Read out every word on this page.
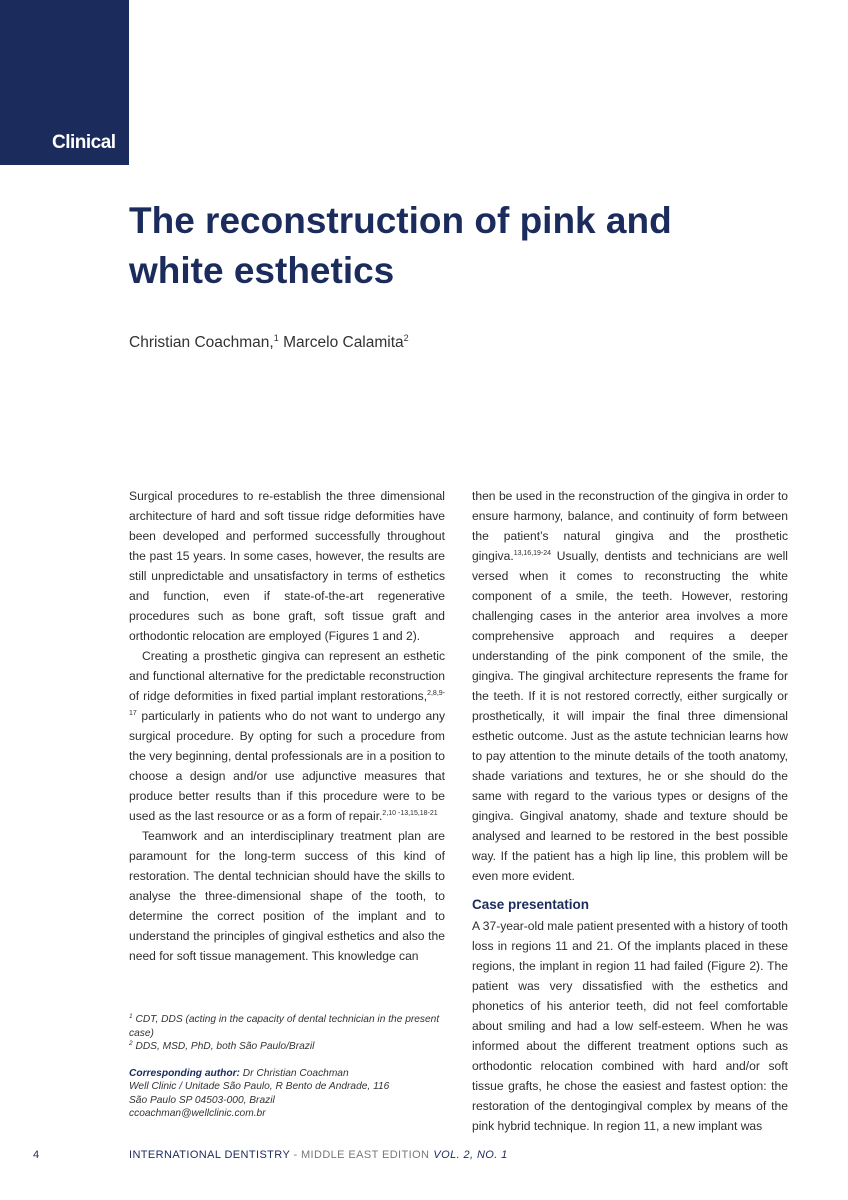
Clinical
The reconstruction of pink and white esthetics
Christian Coachman,$^1$ Marcelo Calamita$^2$

Surgical procedures to re-establish the three dimensional architecture of hard and soft tissue ridge deformities have been developed and performed successfully throughout the past 15 years. In some cases, however, the results are still unpredictable and unsatisfactory in terms of esthetics and function, even if state-of-the-art regenerative procedures such as bone graft, soft tissue graft and orthodontic relocation are employed (Figures 1 and 2).

Creating a prosthetic gingiva can represent an esthetic and functional alternative for the predictable reconstruction of ridge deformities in fixed partial implant restorations,$^{2,8,9-17}$ particularly in patients who do not want to undergo any surgical procedure. By opting for such a procedure from the very beginning, dental professionals are in a position to choose a design and/or use adjunctive measures that produce better results than if this procedure were to be used as the last resource or as a form of repair.$^{2,10 -13,15,18-21}$

Teamwork and an interdisciplinary treatment plan are paramount for the long-term success of this kind of restoration. The dental technician should have the skills to analyse the three-dimensional shape of the tooth, to determine the correct position of the implant and to understand the principles of gingival esthetics and also the need for soft tissue management. This knowledge can

then be used in the reconstruction of the gingiva in order to ensure harmony, balance, and continuity of form between the patient’s natural gingiva and the prosthetic gingiva.$^{13,16,19-24}$ Usually, dentists and technicians are well versed when it comes to reconstructing the white component of a smile, the teeth. However, restoring challenging cases in the anterior area involves a more comprehensive approach and requires a deeper understanding of the pink component of the smile, the gingiva. The gingival architecture represents the frame for the teeth. If it is not restored correctly, either surgically or prosthetically, it will impair the final three dimensional esthetic outcome. Just as the astute technician learns how to pay attention to the minute details of the tooth anatomy, shade variations and textures, he or she should do the same with regard to the various types or designs of the gingiva. Gingival anatomy, shade and texture should be analysed and learned to be restored in the best possible way. If the patient has a high lip line, this problem will be even more evident.

Case presentation

A 37-year-old male patient presented with a history of tooth loss in regions 11 and 21. Of the implants placed in these regions, the implant in region 11 had failed (Figure 2). The patient was very dissatisfied with the esthetics and phonetics of his anterior teeth, did not feel comfortable about smiling and had a low self-esteem. When he was informed about the different treatment options such as orthodontic relocation combined with hard and/or soft tissue grafts, he chose the easiest and fastest option: the restoration of the dentogingival complex by means of the pink hybrid technique. In region 11, a new implant was

$^1$ CDT, DDS (acting in the capacity of dental technician in the present case)

$^2$ DDS, MSD, PhD, both São Paulo/Brazil

Corresponding author: Dr Christian Coachman

Well Clinic / Unitade São Paulo, R Bento de Andrade, 116

São Paulo SP 04503-000, Brazil

ccoachman@wellclinic.com.br

4	INTERNATIONAL DENTISTRY - MIDDLE EAST EDITION VOL. 2, NO. 1
